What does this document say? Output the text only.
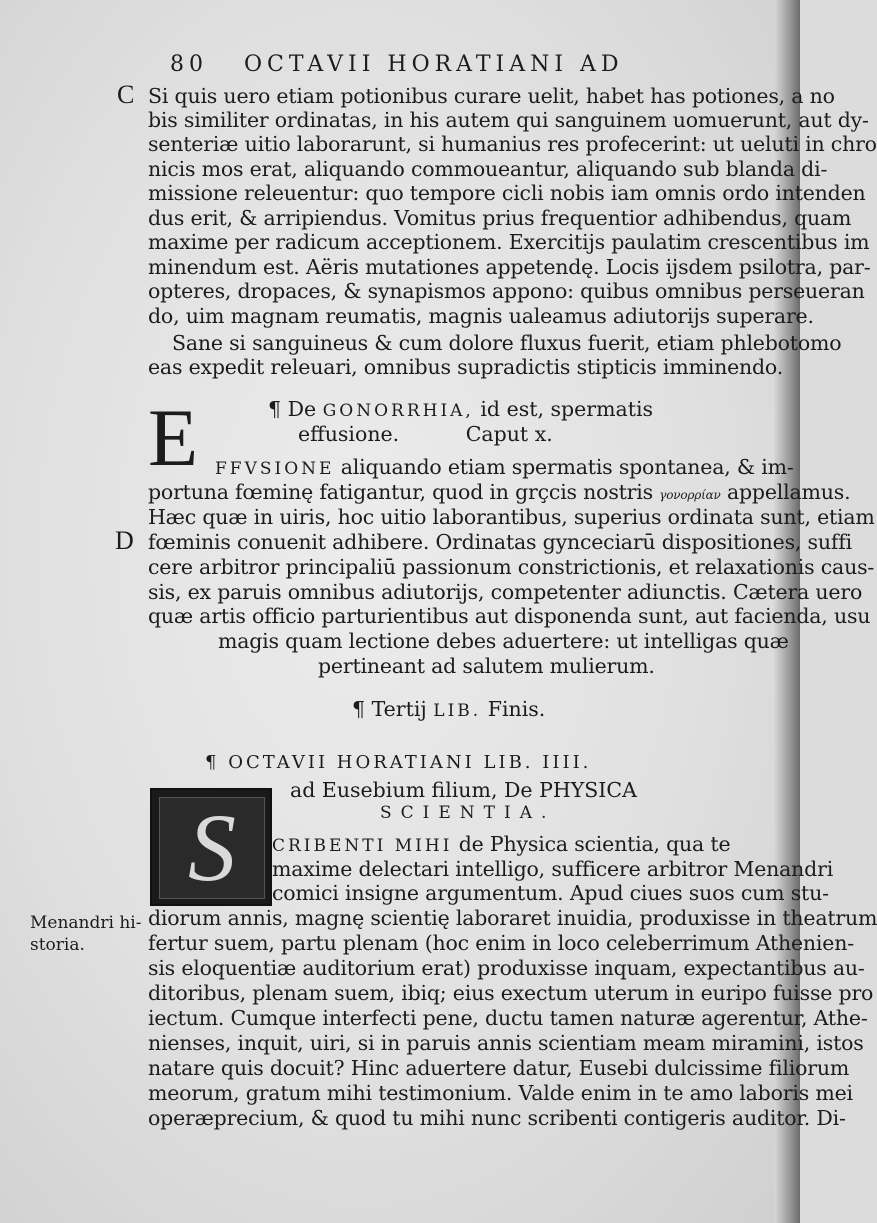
80 OCTAVII HORATIANI AD
C Si quis uero etiam potionibus curare uelit, habet has potiones, a no
bis similiter ordinatas, in his autem qui sanguinem uomuerunt, aut dy-
senteriæ uitio laborarunt, si humanius res profecerint: ut ueluti in chro
nicis mos erat, aliquando commoueantur, aliquando sub blanda di-
missione releuentur: quo tempore cicli nobis iam omnis ordo intenden
dus erit, & arripiendus. Vomitus prius frequentior adhibendus, quam
maxime per radicum acceptionem. Exercitijs paulatim crescentibus im
minendum est. Aëris mutationes appetendę. Locis ijsdem psilotra, par-
opteres, dropaces, & synapismos appono: quibus omnibus perseueran
do, uim magnam reumatis, magnis ualeamus adiutorijs superare.
Sane si sanguineus & cum dolore fluxus fuerit, etiam phlebotomo
eas expedit releuari, omnibus supradictis stipticis imminendo.
E	¶ De GONORRHIA, id est, spermatis
effusione.	Caput x.
FFVSIONE aliquando etiam spermatis spontanea, & im-
portuna fœminę fatigantur, quod in grçcis nostris γονορρίαν appellamus.
Hæc quæ in uiris, hoc uitio laborantibus, superius ordinata sunt, etiam
D fœminis conuenit adhibere. Ordinatas gynceciarū dispositiones, suffi
cere arbitror principaliū passionum constrictionis, et relaxationis caus-
sis, ex paruis omnibus adiutorijs, competenter adiunctis. Cætera uero
quæ artis officio parturientibus aut disponenda sunt, aut facienda, usu
magis quam lectione debes aduertere: ut intelligas quæ
pertineant ad salutem mulierum.
¶ Tertij LIB. Finis.
¶ OCTAVII HORATIANI LIB. IIII.
ad Eusebium filium, De PHYSICA
SCIENTIA.
S	CRIBENTI MIHI de Physica scientia, qua te
maxime delectari intelligo, sufficere arbitror Menandri
comici insigne argumentum. Apud ciues suos cum stu-
diorum annis, magnę scientię laboraret inuidia, produxisse in theatrum
fertur suem, partu plenam (hoc enim in loco celeberrimum Athenien-
sis eloquentiæ auditorium erat) produxisse inquam, expectantibus au-
ditoribus, plenam suem, ibiq; eius exectum uterum in euripo fuisse pro
iectum. Cumque interfecti pene, ductu tamen naturæ agerentur, Athe-
nienses, inquit, uiri, si in paruis annis scientiam meam miramini, istos
natare quis docuit? Hinc aduertere datur, Eusebi dulcissime filiorum
meorum, gratum mihi testimonium. Valde enim in te amo laboris mei
operæprecium, & quod tu mihi nunc scribenti contigeris auditor. Di-
Menandri hi-
storia.
